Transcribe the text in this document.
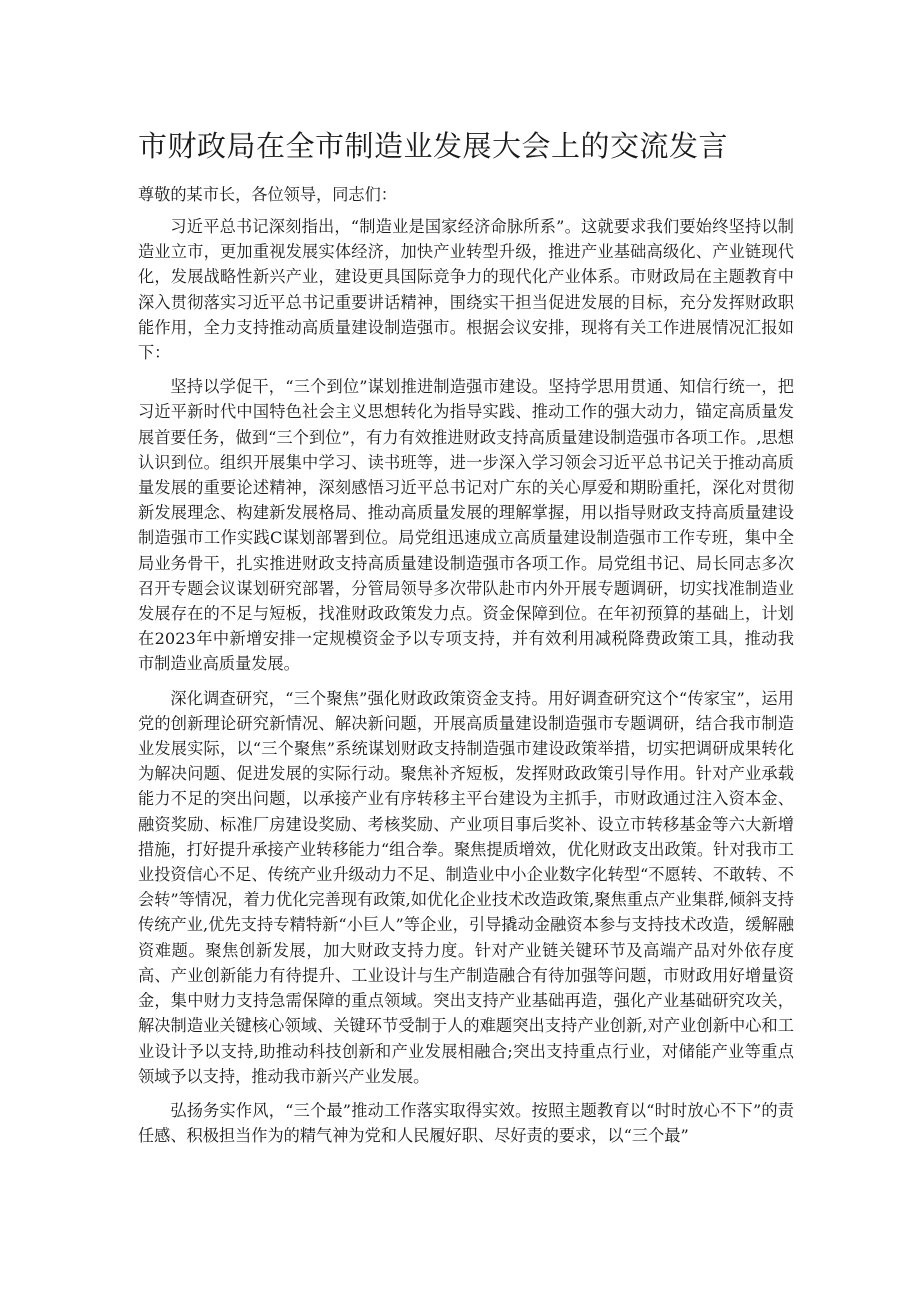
市财政局在全市制造业发展大会上的交流发言

尊敬的某市长，各位领导，同志们：

习近平总书记深刻指出，“制造业是国家经济命脉所系”。这就要求我们要始终坚持以制造业立市，更加重视发展实体经济，加快产业转型升级，推进产业基础高级化、产业链现代化，发展战略性新兴产业，建设更具国际竞争力的现代化产业体系。市财政局在主题教育中深入贯彻落实习近平总书记重要讲话精神，围绕实干担当促进发展的目标，充分发挥财政职能作用，全力支持推动高质量建设制造强市。根据会议安排，现将有关工作进展情况汇报如下：

坚持以学促干，“三个到位”谋划推进制造强市建设。坚持学思用贯通、知信行统一，把习近平新时代中国特色社会主义思想转化为指导实践、推动工作的强大动力，锚定高质量发展首要任务，做到“三个到位”，有力有效推进财政支持高质量建设制造强市各项工作。,思想认识到位。组织开展集中学习、读书班等，进一步深入学习领会习近平总书记关于推动高质量发展的重要论述精神，深刻感悟习近平总书记对广东的关心厚爱和期盼重托，深化对贯彻新发展理念、构建新发展格局、推动高质量发展的理解掌握，用以指导财政支持高质量建设制造强市工作实践C谋划部署到位。局党组迅速成立高质量建设制造强市工作专班，集中全局业务骨干，扎实推进财政支持高质量建设制造强市各项工作。局党组书记、局长同志多次召开专题会议谋划研究部署，分管局领导多次带队赴市内外开展专题调研，切实找准制造业发展存在的不足与短板，找准财政政策发力点。资金保障到位。在年初预算的基础上，计划在2023年中新增安排一定规模资金予以专项支持，并有效利用减税降费政策工具，推动我市制造业高质量发展。

深化调查研究，“三个聚焦”强化财政政策资金支持。用好调查研究这个“传家宝”，运用党的创新理论研究新情况、解决新问题，开展高质量建设制造强市专题调研，结合我市制造业发展实际，以“三个聚焦”系统谋划财政支持制造强市建设政策举措，切实把调研成果转化为解决问题、促进发展的实际行动。聚焦补齐短板，发挥财政政策引导作用。针对产业承载能力不足的突出问题，以承接产业有序转移主平台建设为主抓手，市财政通过注入资本金、融资奖励、标准厂房建设奖励、考核奖励、产业项目事后奖补、设立市转移基金等六大新增措施，打好提升承接产业转移能力“组合拳。聚焦提质增效，优化财政支出政策。针对我市工业投资信心不足、传统产业升级动力不足、制造业中小企业数字化转型“不愿转、不敢转、不会转”等情况，着力优化完善现有政策,如优化企业技术改造政策,聚焦重点产业集群,倾斜支持传统产业,优先支持专精特新“小巨人”等企业，引导撬动金融资本参与支持技术改造，缓解融资难题。聚焦创新发展，加大财政支持力度。针对产业链关键环节及高端产品对外依存度高、产业创新能力有待提升、工业设计与生产制造融合有待加强等问题，市财政用好增量资金，集中财力支持急需保障的重点领域。突出支持产业基础再造，强化产业基础研究攻关，解决制造业关键核心领域、关键环节受制于人的难题突出支持产业创新,对产业创新中心和工业设计予以支持,助推动科技创新和产业发展相融合;突出支持重点行业，对储能产业等重点领域予以支持，推动我市新兴产业发展。

弘扬务实作风，“三个最”推动工作落实取得实效。按照主题教育以“时时放心不下”的责任感、积极担当作为的精气神为党和人民履好职、尽好责的要求，以“三个最”
